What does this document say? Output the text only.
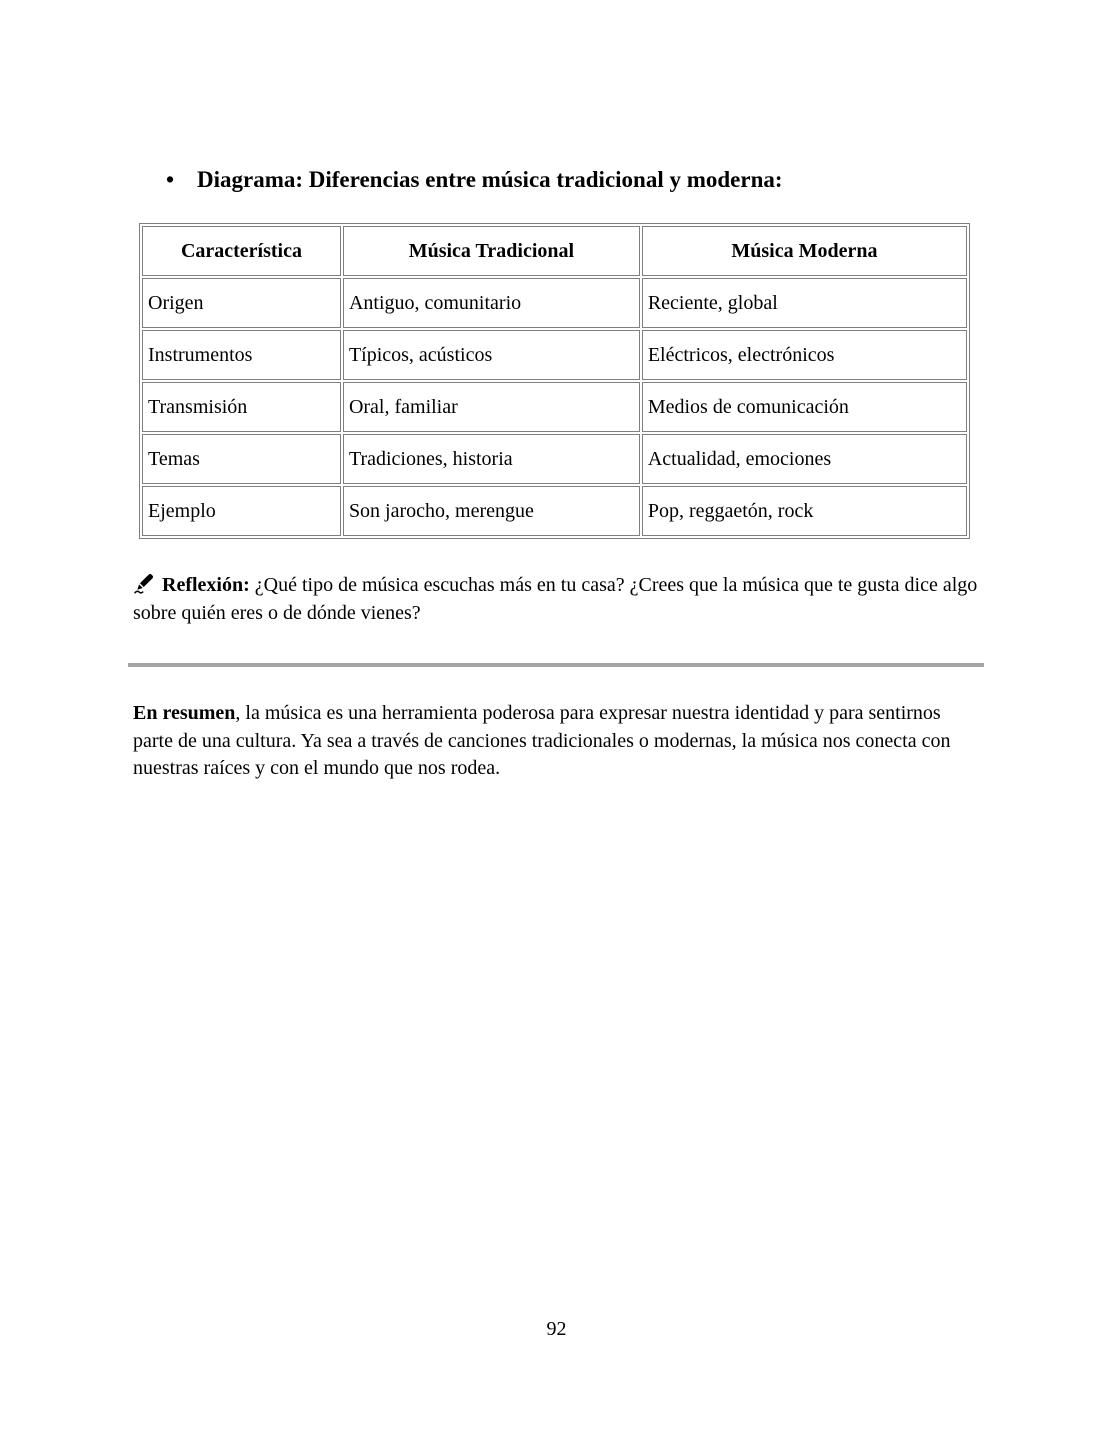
• Diagrama: Diferencias entre música tradicional y moderna:
Característica	Música Tradicional	Música Moderna
Origen	Antiguo, comunitario	Reciente, global
Instrumentos	Típicos, acústicos	Eléctricos, electrónicos
Transmisión	Oral, familiar	Medios de comunicación
Temas	Tradiciones, historia	Actualidad, emociones
Ejemplo	Son jarocho, merengue	Pop, reggaetón, rock

Reflexión: ¿Qué tipo de música escuchas más en tu casa? ¿Crees que la música que te gusta dice algo sobre quién eres o de dónde vienes?

En resumen, la música es una herramienta poderosa para expresar nuestra identidad y para sentirnos parte de una cultura. Ya sea a través de canciones tradicionales o modernas, la música nos conecta con nuestras raíces y con el mundo que nos rodea.

92
